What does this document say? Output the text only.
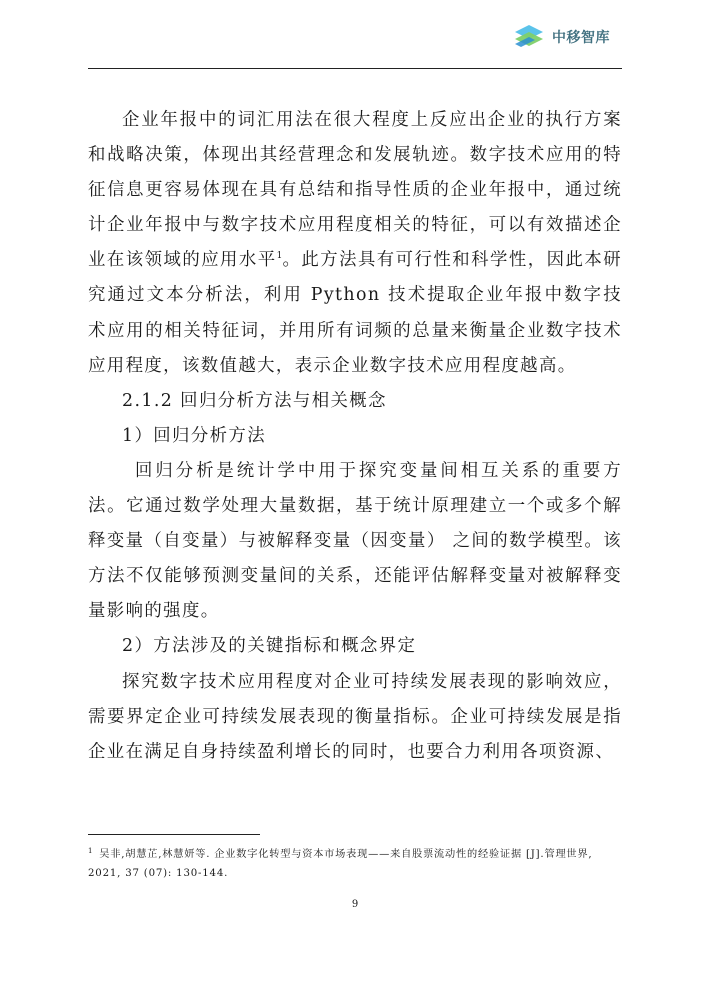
中移智库

企业年报中的词汇用法在很大程度上反应出企业的执行方案和战略决策，体现出其经营理念和发展轨迹。数字技术应用的特征信息更容易体现在具有总结和指导性质的企业年报中，通过统计企业年报中与数字技术应用程度相关的特征，可以有效描述企业在该领域的应用水平$^1$。此方法具有可行性和科学性，因此本研究通过文本分析法，利用 Python 技术提取企业年报中数字技术应用的相关特征词，并用所有词频的总量来衡量企业数字技术应用程度，该数值越大，表示企业数字技术应用程度越高。

2.1.2 回归分析方法与相关概念

1）回归分析方法

回归分析是统计学中用于探究变量间相互关系的重要方法。它通过数学处理大量数据，基于统计原理建立一个或多个解释变量（自变量）与被解释变量（因变量） 之间的数学模型。该方法不仅能够预测变量间的关系，还能评估解释变量对被解释变量影响的强度。

2）方法涉及的关键指标和概念界定

探究数字技术应用程度对企业可持续发展表现的影响效应，需要界定企业可持续发展表现的衡量指标。企业可持续发展是指企业在满足自身持续盈利增长的同时，也要合力利用各项资源、

$^1$ 吴非,胡慧芷,林慧妍等. 企业数字化转型与资本市场表现——来自股票流动性的经验证据 [J].管理世界, 2021, 37 (07): 130-144.

9
